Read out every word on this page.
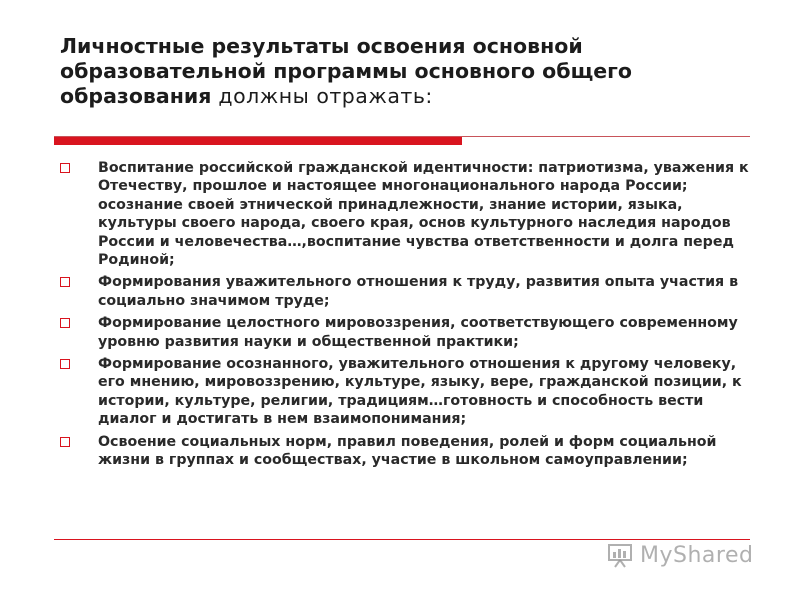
Личностные результаты освоения основной
образовательной программы основного общего
образования должны отражать:
Воспитание российской гражданской идентичности: патриотизма, уважения к Отечеству, прошлое и настоящее многонационального народа России; осознание своей этнической принадлежности, знание истории, языка, культуры своего народа, своего края, основ культурного наследия народов России и человечества…,воспитание чувства ответственности и долга перед Родиной;
Формирования уважительного отношения к труду, развития опыта участия в социально значимом труде;
Формирование целостного мировоззрения, соответствующего современному уровню развития науки и общественной практики;
Формирование осознанного, уважительного отношения к другому человеку, его мнению, мировоззрению, культуре, языку, вере, гражданской позиции, к истории, культуре, религии, традициям…готовность и способность вести диалог и достигать в нем взаимопонимания;
Освоение социальных норм, правил поведения, ролей и форм социальной жизни в группах и сообществах, участие в школьном самоуправлении;
MyShared
